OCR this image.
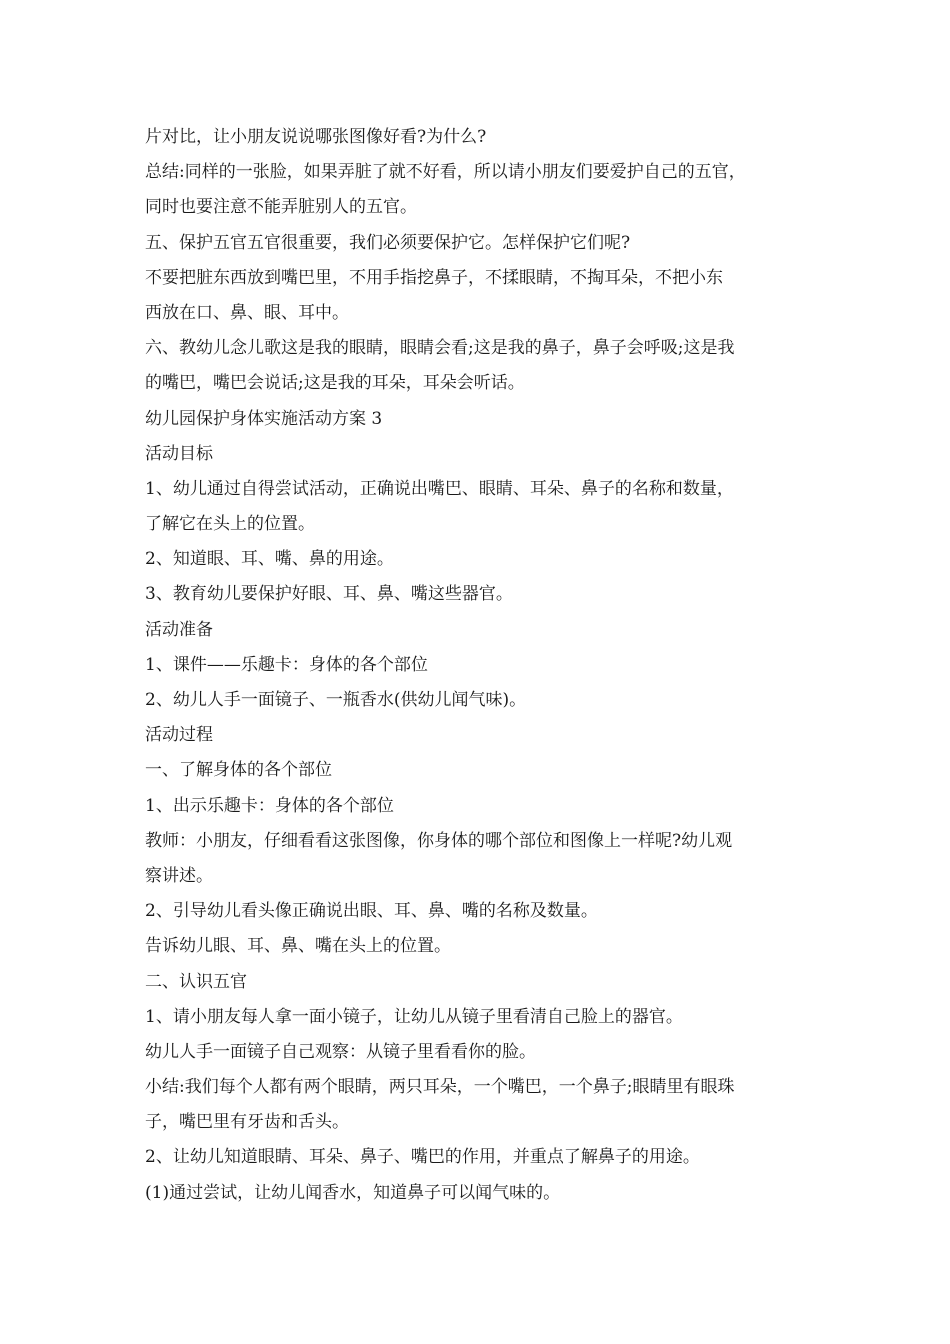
片对比，让小朋友说说哪张图像好看?为什么?
总结:同样的一张脸，如果弄脏了就不好看，所以请小朋友们要爱护自己的五官，
同时也要注意不能弄脏别人的五官。
五、保护五官五官很重要，我们必须要保护它。怎样保护它们呢?
不要把脏东西放到嘴巴里，不用手指挖鼻子，不揉眼睛，不掏耳朵，不把小东
西放在口、鼻、眼、耳中。
六、教幼儿念儿歌这是我的眼睛，眼睛会看;这是我的鼻子，鼻子会呼吸;这是我
的嘴巴，嘴巴会说话;这是我的耳朵，耳朵会听话。
幼儿园保护身体实施活动方案 3
活动目标
1、幼儿通过自得尝试活动，正确说出嘴巴、眼睛、耳朵、鼻子的名称和数量，
了解它在头上的位置。
2、知道眼、耳、嘴、鼻的用途。
3、教育幼儿要保护好眼、耳、鼻、嘴这些器官。
活动准备
1、课件——乐趣卡：身体的各个部位
2、幼儿人手一面镜子、一瓶香水(供幼儿闻气味)。
活动过程
一、了解身体的各个部位
1、出示乐趣卡：身体的各个部位
教师：小朋友，仔细看看这张图像，你身体的哪个部位和图像上一样呢?幼儿观
察讲述。
2、引导幼儿看头像正确说出眼、耳、鼻、嘴的名称及数量。
告诉幼儿眼、耳、鼻、嘴在头上的位置。
二、认识五官
1、请小朋友每人拿一面小镜子，让幼儿从镜子里看清自己脸上的器官。
幼儿人手一面镜子自己观察：从镜子里看看你的脸。
小结:我们每个人都有两个眼睛，两只耳朵，一个嘴巴，一个鼻子;眼睛里有眼珠
子，嘴巴里有牙齿和舌头。
2、让幼儿知道眼睛、耳朵、鼻子、嘴巴的作用，并重点了解鼻子的用途。
(1)通过尝试，让幼儿闻香水，知道鼻子可以闻气味的。
